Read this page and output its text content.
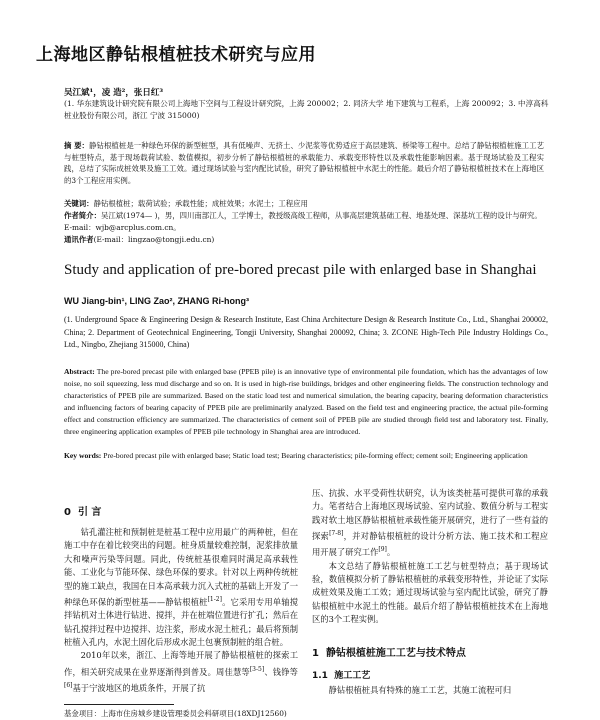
上海地区静钻根植桩技术研究与应用
吴江斌¹，凌 造²，张日红³
(1. 华东建筑设计研究院有限公司上海地下空间与工程设计研究院，上海 200002；2. 同济大学 地下建筑与工程系，上海 200092；3. 中淳高科桩业股份有限公司，浙江 宁波 315000)
摘 要：静钻根植桩是一种绿色环保的新型桩型，具有低噪声、无挤土、少泥浆等优势适应于高层建筑、桥梁等工程中。总结了静钻根植桩施工工艺与桩型特点，基于现场载荷试验、数值模拟，初步分析了静钻根植桩的承载能力、承载变形特性以及承载性能影响因素。基于现场试验及工程实践，总结了实际成桩效果及施工工效。通过现场试验与室内配比试验，研究了静钻根植桩中水泥土的性能。最后介绍了静钻根植桩技术在上海地区的3个工程应用实例。
关键词：静钻根植桩；载荷试验；承载性能；成桩效果；水泥土；工程应用
作者简介：吴江斌(1974— )，男，四川南部江人，工学博士，教授级高级工程师，从事高层建筑基础工程、地基处理、深基坑工程的设计与研究。E-mail：wjb@arcplus.com.cn。
通讯作者(E-mail：lingzao@tongji.edu.cn)
Study and application of pre-bored precast pile with enlarged base in Shanghai
WU Jiang-bin¹, LING Zao², ZHANG Ri-hong³
(1. Underground Space & Engineering Design & Research Institute, East China Architecture Design & Research Institute Co., Ltd., Shanghai 200002, China; 2. Department of Geotechnical Engineering, Tongji University, Shanghai 200092, China; 3. ZCONE High-Tech Pile Industry Holdings Co., Ltd., Ningbo, Zhejiang 315000, China)
Abstract: The pre-bored precast pile with enlarged base (PPEB pile) is an innovative type of environmental pile foundation, which has the advantages of low noise, no soil squeezing, less mud discharge and so on. It is used in high-rise buildings, bridges and other engineering fields. The construction technology and characteristics of PPEB pile are summarized. Based on the static load test and numerical simulation, the bearing capacity, bearing deformation characteristics and influencing factors of bearing capacity of PPEB pile are preliminarily analyzed. Based on the field test and engineering practice, the actual pile-forming effect and construction efficiency are summarized. The characteristics of cement soil of PPEB pile are studied through field test and laboratory test. Finally, three engineering application examples of PPEB pile technology in Shanghai area are introduced.
Key words: Pre-bored precast pile with enlarged base; Static load test; Bearing characteristics; pile-forming effect; cement soil; Engineering application
0 引 言

钻孔灌注桩和预制桩是桩基工程中应用最广的两种桩，但在施工中存在着比较突出的问题。桩身质量较难控制，泥浆排放量大和噪声污染等问题。同此，传统桩基很难同时满足高承载性能、工业化与节能环保、绿色环保的要求。针对以上两种传统桩型的施工缺点，我国在日本高承载力沉入式桩的基础上开发了一种绿色环保的新型桩基——静钻根植桩[1-2]。它采用专用单轴搅拌钻机对土体进行钻进、搅拌，并在桩端位置进行扩孔；然后在钻孔搅拌过程中边搅拌、边注浆，形成水泥土桩孔；最后将预制桩植入孔内，水泥土固化后形成水泥土包裹预制桩的组合桩。

2010年以来，浙江、上海等地开展了静钻根植桩的探索工作，相关研究成果在业界逐渐得到普及。周佳慧等[3-5]、钱铮等[6]基于宁波地区的地质条件，开展了抗

压、抗拔、水平受荷性状研究，认为该类桩基可提供可靠的承载力。笔者结合上海地区现场试验、室内试验、数值分析与工程实践对软土地区静钻根植桩承载性能开展研究，进行了一些有益的探索[7-8]，并对静钻根植桩的设计分析方法、施工技术和工程应用开展了研究工作[9]。

本文总结了静钻根植桩施工工艺与桩型特点；基于现场试验，数值模拟分析了静钻根植桩的承载变形特性，并论证了实际成桩效果及施工工效；通过现场试验与室内配比试验，研究了静钻根植桩中水泥土的性能。最后介绍了静钻根植桩技术在上海地区的3个工程实例。

1 静钻根植桩施工工艺与技术特点
1.1 施工工艺

静钻根植桩具有特殊的施工工艺，其施工流程可归

基金项目：上海市住房城乡建设管理委员会科研项目(18XDJ12560)
